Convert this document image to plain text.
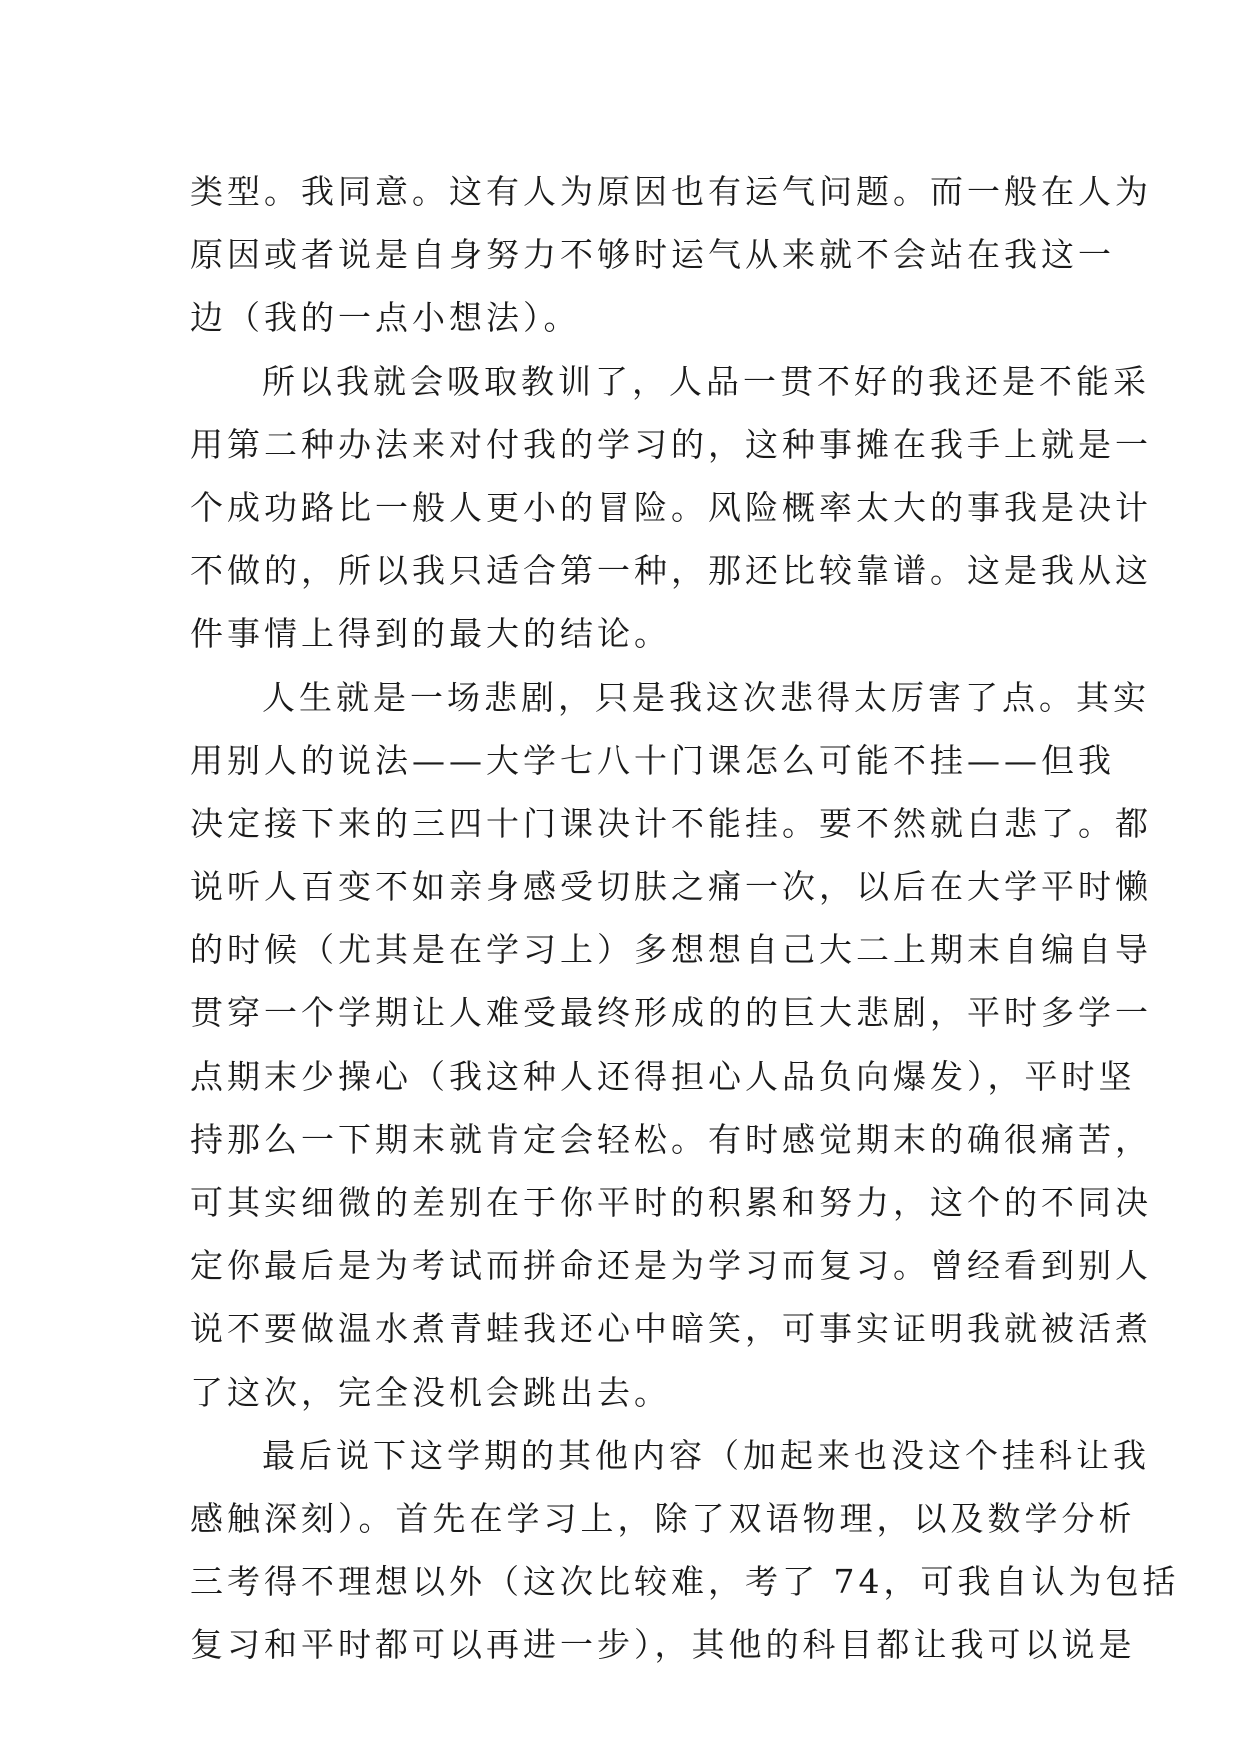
类型。我同意。这有人为原因也有运气问题。而一般在人为
原因或者说是自身努力不够时运气从来就不会站在我这一
边（我的一点小想法）。
所以我就会吸取教训了，人品一贯不好的我还是不能采
用第二种办法来对付我的学习的，这种事摊在我手上就是一
个成功路比一般人更小的冒险。风险概率太大的事我是决计
不做的，所以我只适合第一种，那还比较靠谱。这是我从这
件事情上得到的最大的结论。
人生就是一场悲剧，只是我这次悲得太厉害了点。其实
用别人的说法——大学七八十门课怎么可能不挂——但我
决定接下来的三四十门课决计不能挂。要不然就白悲了。都
说听人百变不如亲身感受切肤之痛一次，以后在大学平时懒
的时候（尤其是在学习上）多想想自己大二上期末自编自导
贯穿一个学期让人难受最终形成的的巨大悲剧，平时多学一
点期末少操心（我这种人还得担心人品负向爆发），平时坚
持那么一下期末就肯定会轻松。有时感觉期末的确很痛苦，
可其实细微的差别在于你平时的积累和努力，这个的不同决
定你最后是为考试而拼命还是为学习而复习。曾经看到别人
说不要做温水煮青蛙我还心中暗笑，可事实证明我就被活煮
了这次，完全没机会跳出去。
最后说下这学期的其他内容（加起来也没这个挂科让我
感触深刻）。首先在学习上，除了双语物理，以及数学分析
三考得不理想以外（这次比较难，考了 74，可我自认为包括
复习和平时都可以再进一步），其他的科目都让我可以说是
